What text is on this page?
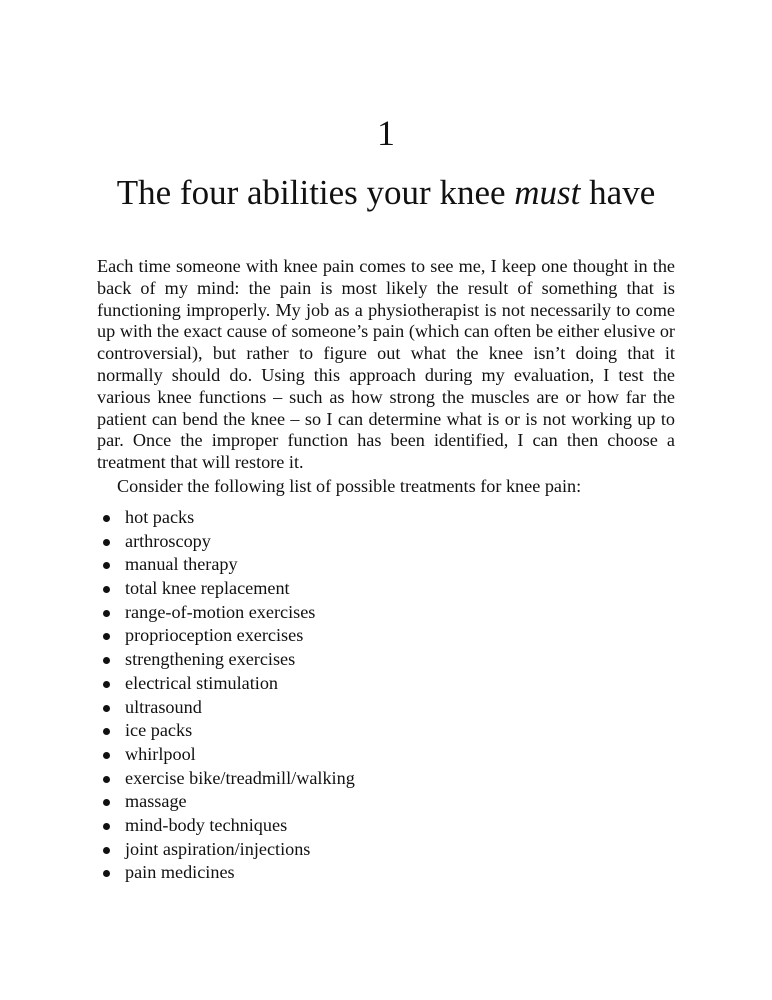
1
The four abilities your knee must have

Each time someone with knee pain comes to see me, I keep one thought in the back of my mind: the pain is most likely the result of something that is functioning improperly. My job as a physiotherapist is not necessarily to come up with the exact cause of someone’s pain (which can often be either elusive or controversial), but rather to figure out what the knee isn’t doing that it normally should do. Using this approach during my evaluation, I test the various knee functions – such as how strong the muscles are or how far the patient can bend the knee – so I can determine what is or is not working up to par. Once the improper function has been identified, I can then choose a treatment that will restore it.

Consider the following list of possible treatments for knee pain:

hot packs
arthroscopy
manual therapy
total knee replacement
range-of-motion exercises
proprioception exercises
strengthening exercises
electrical stimulation
ultrasound
ice packs
whirlpool
exercise bike/treadmill/walking
massage
mind-body techniques
joint aspiration/injections
pain medicines
